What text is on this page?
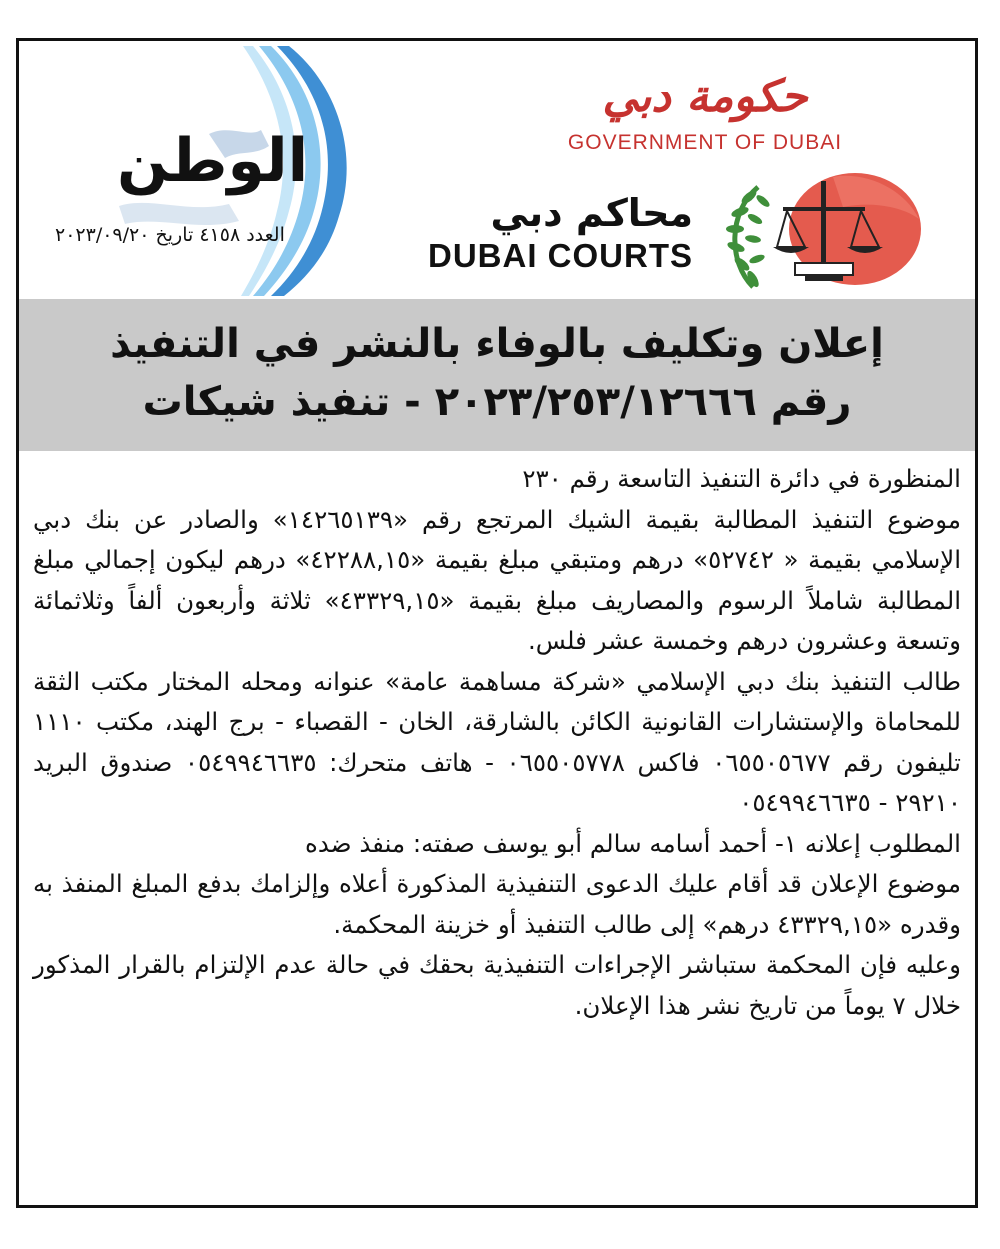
الوطن
العدد ٤١٥٨ تاريخ ٢٠٢٣/٠٩/٢٠
حكومة دبي
GOVERNMENT OF DUBAI
محاكم دبي
DUBAI COURTS
إعلان وتكليف بالوفاء بالنشر في التنفيذ
رقم ٢٠٢٣/٢٥٣/١٢٦٦٦ - تنفيذ شيكات

المنظورة في دائرة التنفيذ التاسعة رقم ٢٣٠

موضوع التنفيذ المطالبة بقيمة الشيك المرتجع رقم «١٤٢٦٥١٣٩» والصادر عن بنك دبي الإسلامي بقيمة « ٥٢٧٤٢» درهم ومتبقي مبلغ بقيمة «٤٢٢٨٨,١٥» درهم ليكون إجمالي مبلغ المطالبة شاملاً الرسوم والمصاريف مبلغ بقيمة «٤٣٣٢٩,١٥» ثلاثة وأربعون ألفاً وثلاثمائة وتسعة وعشرون درهم وخمسة عشر فلس.

طالب التنفيذ بنك دبي الإسلامي «شركة مساهمة عامة» عنوانه ومحله المختار مكتب الثقة للمحاماة والإستشارات القانونية الكائن بالشارقة، الخان - القصباء - برج الهند، مكتب ١١١٠ تليفون رقم ٠٦٥٥٠٥٦٧٧ فاكس ٠٦٥٥٠٥٧٧٨ - هاتف متحرك: ٠٥٤٩٩٤٦٦٣٥ صندوق البريد ٢٩٢١٠ - ٠٥٤٩٩٤٦٦٣٥

المطلوب إعلانه ١- أحمد أسامه سالم أبو يوسف صفته: منفذ ضده

موضوع الإعلان قد أقام عليك الدعوى التنفيذية المذكورة أعلاه وإلزامك بدفع المبلغ المنفذ به وقدره «٤٣٣٢٩,١٥ درهم» إلى طالب التنفيذ أو خزينة المحكمة.

وعليه فإن المحكمة ستباشر الإجراءات التنفيذية بحقك في حالة عدم الإلتزام بالقرار المذكور خلال ٧ يوماً من تاريخ نشر هذا الإعلان.
